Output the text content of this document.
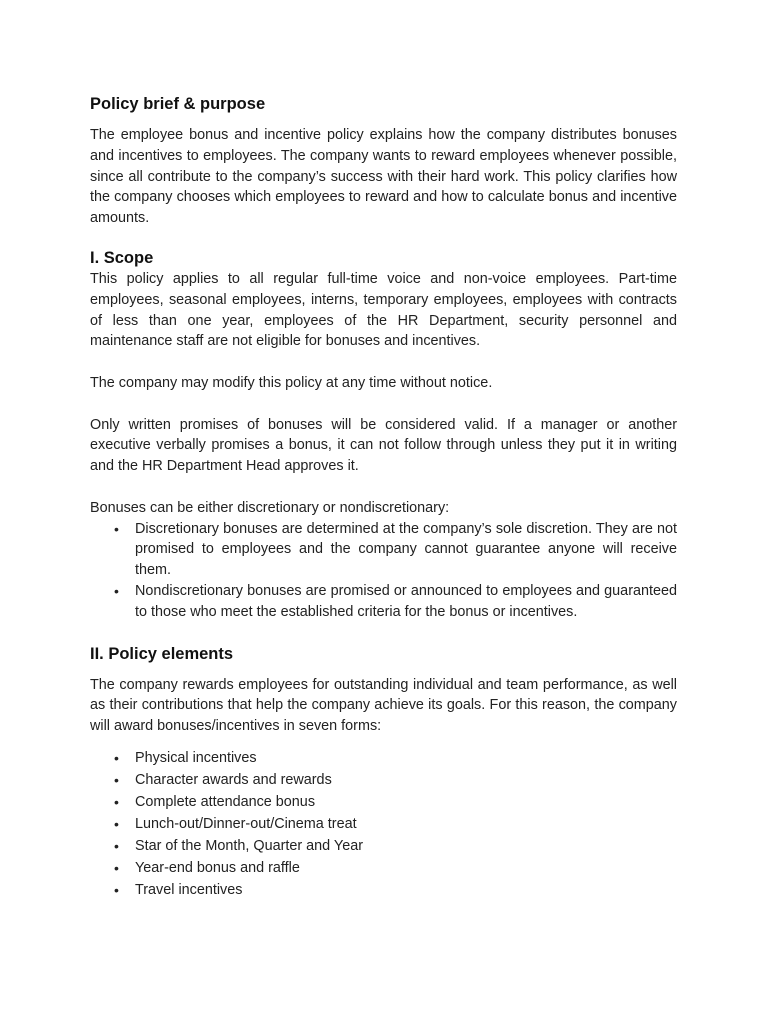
Policy brief & purpose

The employee bonus and incentive policy explains how the company distributes bonuses and incentives to employees. The company wants to reward employees whenever possible, since all contribute to the company’s success with their hard work. This policy clarifies how the company chooses which employees to reward and how to calculate bonus and incentive amounts.

I. Scope

This policy applies to all regular full-time voice and non-voice employees. Part-time employees, seasonal employees, interns, temporary employees, employees with contracts of less than one year, employees of the HR Department, security personnel and maintenance staff are not eligible for bonuses and incentives.

The company may modify this policy at any time without notice.

Only written promises of bonuses will be considered valid. If a manager or another executive verbally promises a bonus, it can not follow through unless they put it in writing and the HR Department Head approves it.

Bonuses can be either discretionary or nondiscretionary:

• Discretionary bonuses are determined at the company’s sole discretion. They are not promised to employees and the company cannot guarantee anyone will receive them.
• Nondiscretionary bonuses are promised or announced to employees and guaranteed to those who meet the established criteria for the bonus or incentives.
II. Policy elements

The company rewards employees for outstanding individual and team performance, as well as their contributions that help the company achieve its goals. For this reason, the company will award bonuses/incentives in seven forms:

• Physical incentives
• Character awards and rewards
• Complete attendance bonus
• Lunch-out/Dinner-out/Cinema treat
• Star of the Month, Quarter and Year
• Year-end bonus and raffle
• Travel incentives
